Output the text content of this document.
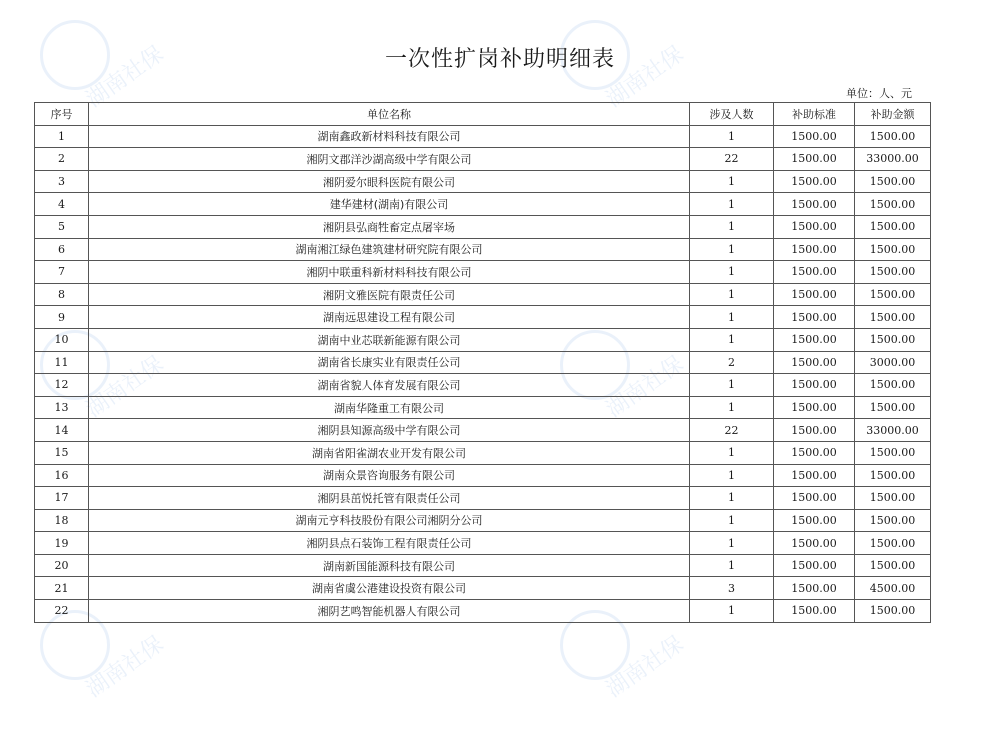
湖南社保	湖南社保
湖南社保	湖南社保
湖南社保	湖南社保
一次性扩岗补助明细表
单位：人、元
序号	单位名称	涉及人数	补助标准	补助金额
1	湖南鑫政新材料科技有限公司	1	1500.00	1500.00
2	湘阴文郡洋沙湖高级中学有限公司	22	1500.00	33000.00
3	湘阴爱尔眼科医院有限公司	1	1500.00	1500.00
4	建华建材(湖南)有限公司	1	1500.00	1500.00
5	湘阴县弘商牲畜定点屠宰场	1	1500.00	1500.00
6	湖南湘江绿色建筑建材研究院有限公司	1	1500.00	1500.00
7	湘阴中联重科新材料科技有限公司	1	1500.00	1500.00
8	湘阴文雅医院有限责任公司	1	1500.00	1500.00
9	湖南远思建设工程有限公司	1	1500.00	1500.00
10	湖南中业芯联新能源有限公司	1	1500.00	1500.00
11	湖南省长康实业有限责任公司	2	1500.00	3000.00
12	湖南省貌人体育发展有限公司	1	1500.00	1500.00
13	湖南华隆重工有限公司	1	1500.00	1500.00
14	湘阴县知源高级中学有限公司	22	1500.00	33000.00
15	湖南省阳雀湖农业开发有限公司	1	1500.00	1500.00
16	湖南众景咨询服务有限公司	1	1500.00	1500.00
17	湘阴县茁悦托管有限责任公司	1	1500.00	1500.00
18	湖南元亨科技股份有限公司湘阴分公司	1	1500.00	1500.00
19	湘阴县点石装饰工程有限责任公司	1	1500.00	1500.00
20	湖南新国能源科技有限公司	1	1500.00	1500.00
21	湖南省虞公港建设投资有限公司	3	1500.00	4500.00
22	湘阴艺鸣智能机器人有限公司	1	1500.00	1500.00
